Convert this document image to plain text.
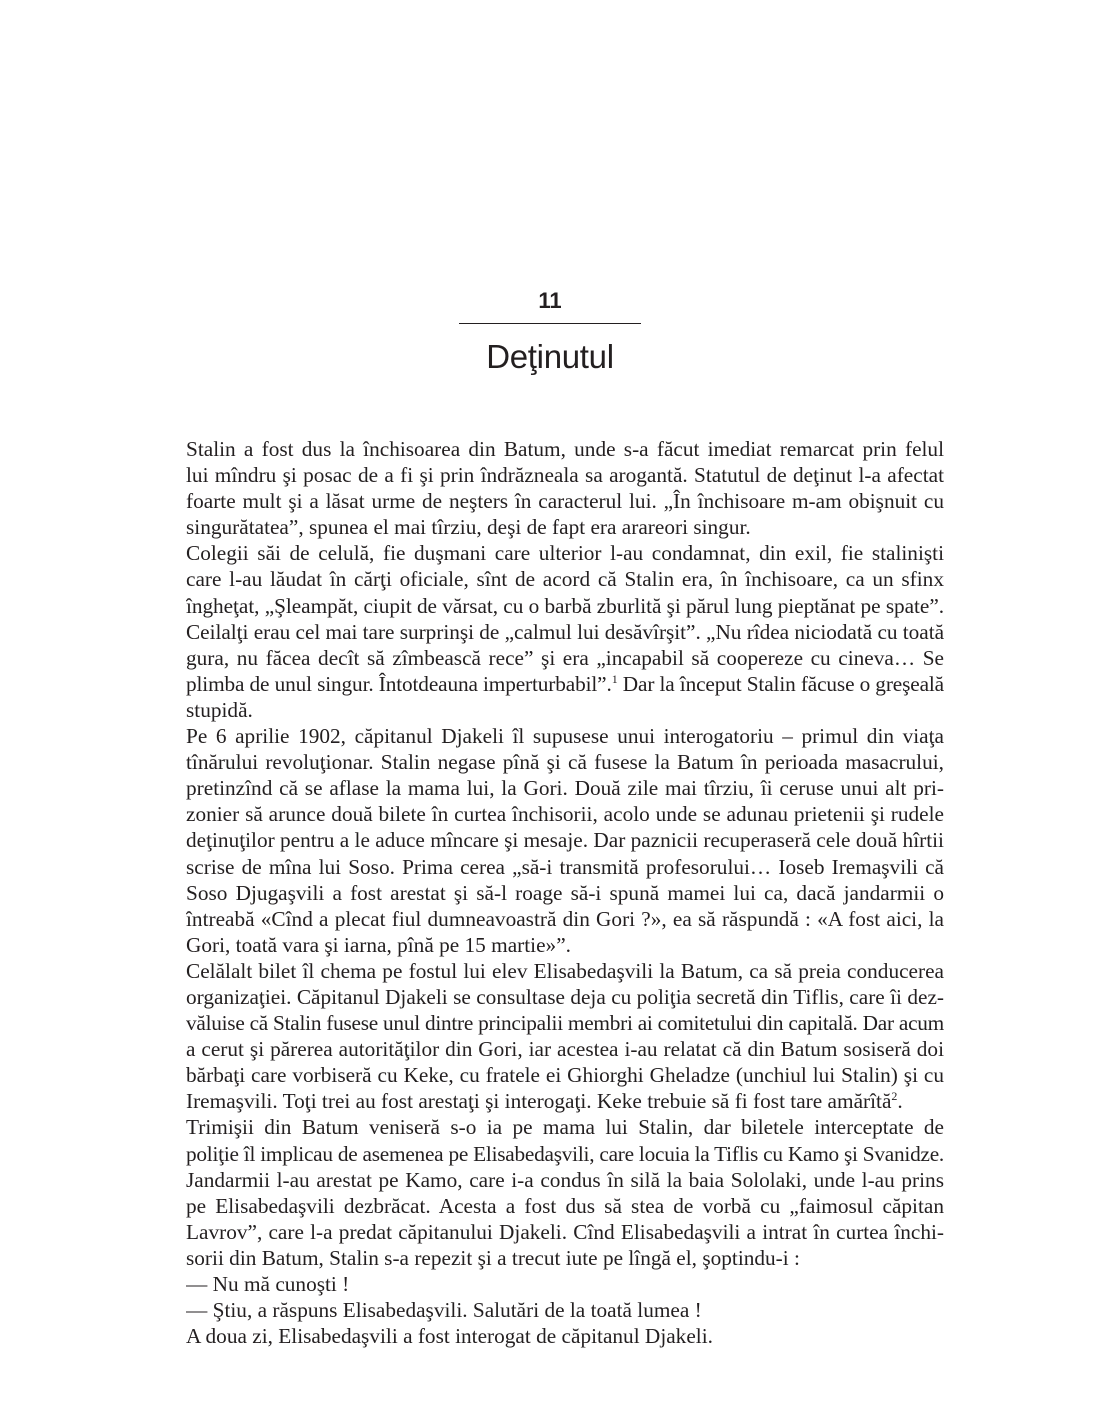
11
Deţinutul
Stalin a fost dus la închisoarea din Batum, unde s-a făcut imediat remarcat prin felul
lui mîndru şi posac de a fi şi prin îndrăzneala sa arogantă. Statutul de deţinut l-a afectat
foarte mult şi a lăsat urme de neşters în caracterul lui. „În închisoare m-am obişnuit cu
singurătatea”, spunea el mai tîrziu, deşi de fapt era arareori singur.
Colegii săi de celulă, fie duşmani care ulterior l-au condamnat, din exil, fie stalinişti
care l-au lăudat în cărţi oficiale, sînt de acord că Stalin era, în închisoare, ca un sfinx
îngheţat, „Şleampăt, ciupit de vărsat, cu o barbă zburlită şi părul lung pieptănat pe spate”.
Ceilalţi erau cel mai tare surprinşi de „calmul lui desăvîrşit”. „Nu rîdea niciodată cu toată
gura, nu făcea decît să zîmbească rece” şi era „incapabil să coopereze cu cineva… Se
plimba de unul singur. Întotdeauna imperturbabil”.$^1$ Dar la început Stalin făcuse o greşeală
stupidă.
Pe 6 aprilie 1902, căpitanul Djakeli îl supusese unui interogatoriu – primul din viaţa
tînărului revoluţionar. Stalin negase pînă şi că fusese la Batum în perioada masacrului,
pretinzînd că se aflase la mama lui, la Gori. Două zile mai tîrziu, îi ceruse unui alt pri-
zonier să arunce două bilete în curtea închisorii, acolo unde se adunau prietenii şi rudele
deţinuţilor pentru a le aduce mîncare şi mesaje. Dar paznicii recuperaseră cele două hîrtii
scrise de mîna lui Soso. Prima cerea „să-i transmită profesorului… Ioseb Iremaşvili că
Soso Djugaşvili a fost arestat şi să-l roage să-i spună mamei lui ca, dacă jandarmii o
întreabă «Cînd a plecat fiul dumneavoastră din Gori ?», ea să răspundă : «A fost aici, la
Gori, toată vara şi iarna, pînă pe 15 martie»”.
Celălalt bilet îl chema pe fostul lui elev Elisabedaşvili la Batum, ca să preia conducerea
organizaţiei. Căpitanul Djakeli se consultase deja cu poliţia secretă din Tiflis, care îi dez-
văluise că Stalin fusese unul dintre principalii membri ai comitetului din capitală. Dar acum
a cerut şi părerea autorităţilor din Gori, iar acestea i-au relatat că din Batum sosiseră doi
bărbaţi care vorbiseră cu Keke, cu fratele ei Ghiorghi Gheladze (unchiul lui Stalin) şi cu
Iremaşvili. Toţi trei au fost arestaţi şi interogaţi. Keke trebuie să fi fost tare amărîtă$^2$.
Trimişii din Batum veniseră s-o ia pe mama lui Stalin, dar biletele interceptate de
poliţie îl implicau de asemenea pe Elisabedaşvili, care locuia la Tiflis cu Kamo şi Svanidze.
Jandarmii l-au arestat pe Kamo, care i-a condus în silă la baia Sololaki, unde l-au prins
pe Elisabedaşvili dezbrăcat. Acesta a fost dus să stea de vorbă cu „faimosul căpitan
Lavrov”, care l-a predat căpitanului Djakeli. Cînd Elisabedaşvili a intrat în curtea închi-
sorii din Batum, Stalin s-a repezit şi a trecut iute pe lîngă el, şoptindu-i :
— Nu mă cunoşti !
— Ştiu, a răspuns Elisabedaşvili. Salutări de la toată lumea !
A doua zi, Elisabedaşvili a fost interogat de căpitanul Djakeli.
